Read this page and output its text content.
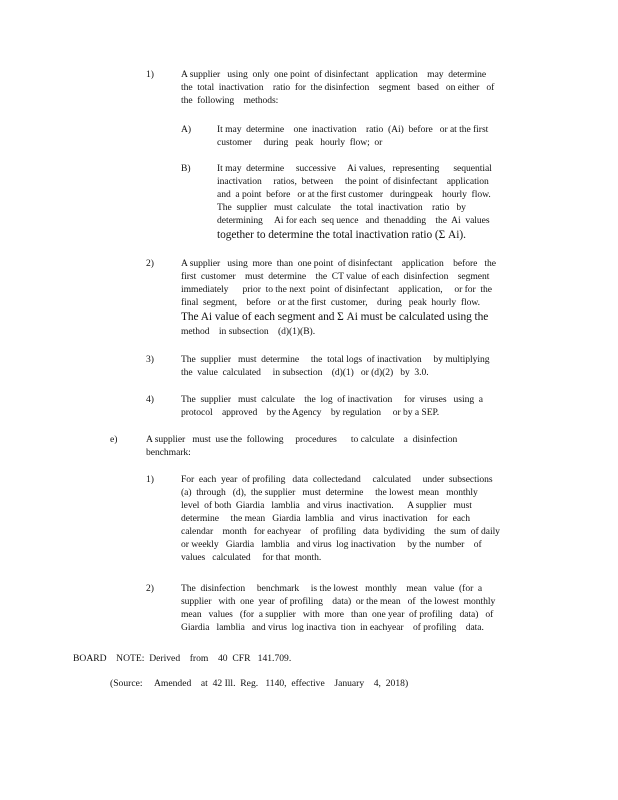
1)	A supplier   using  only  one point  of disinfectant   application    may  determine
the  total  inactivation    ratio  for  the disinfection    segment   based   on either   of
the  following    methods:
A)	It may  determine    one  inactivation    ratio  (Ai)  before   or at the first
customer     during   peak   hourly  flow;  or
B)	It may  determine     successive     Ai values,   representing      sequential
inactivation     ratios,  between     the point  of disinfectant    application
and  a point  before   or at the first customer   duringpeak    hourly  flow.
The  supplier   must  calculate    the  total  inactivation    ratio   by
determining     Ai for each  seq uence   and  thenadding    the  Ai  values
together to determine the total inactivation ratio (Σ Ai).
2)	A supplier   using  more  than  one point  of disinfectant    application    before   the
first  customer    must  determine    the  CT value  of each  disinfection    segment
immediately      prior  to the next  point  of disinfectant    application,     or for  the
final  segment,    before   or at the first  customer,    during   peak  hourly  flow.
The Ai value of each segment and Σ Ai must be calculated using the
method    in subsection    (d)(1)(B).
3)	The  supplier   must  determine     the  total logs  of inactivation     by multiplying
the  value  calculated     in subsection    (d)(1)   or (d)(2)   by  3.0.
4)	The  supplier   must  calculate    the  log  of inactivation     for  viruses   using  a
protocol    approved    by the Agency    by regulation     or by a SEP.
e)	A supplier   must  use the  following     procedures      to calculate    a  disinfection
benchmark:
1)	For  each  year  of profiling   data  collectedand     calculated     under  subsections
(a)  through   (d),  the supplier   must  determine     the lowest  mean   monthly
level  of both  Giardia   lamblia   and virus  inactivation.      A supplier   must
determine     the mean   Giardia  lamblia   and  virus  inactivation    for  each
calendar    month   for eachyear    of  profiling   data  bydividing    the  sum  of daily
or weekly   Giardia   lamblia   and virus  log inactivation     by the  number    of
values   calculated     for that  month.
2)	The  disinfection     benchmark     is the lowest   monthly    mean   value  (for  a
supplier   with  one  year  of profiling    data)  or the mean   of  the lowest  monthly
mean   values   (for  a supplier   with  more   than  one year  of profiling   data)   of
Giardia   lamblia   and virus  log inactiva  tion  in eachyear    of profiling    data.
BOARD    NOTE:  Derived    from    40  CFR   141.709.
(Source:     Amended    at  42 Ill.  Reg.   1140,  effective    January    4,  2018)
